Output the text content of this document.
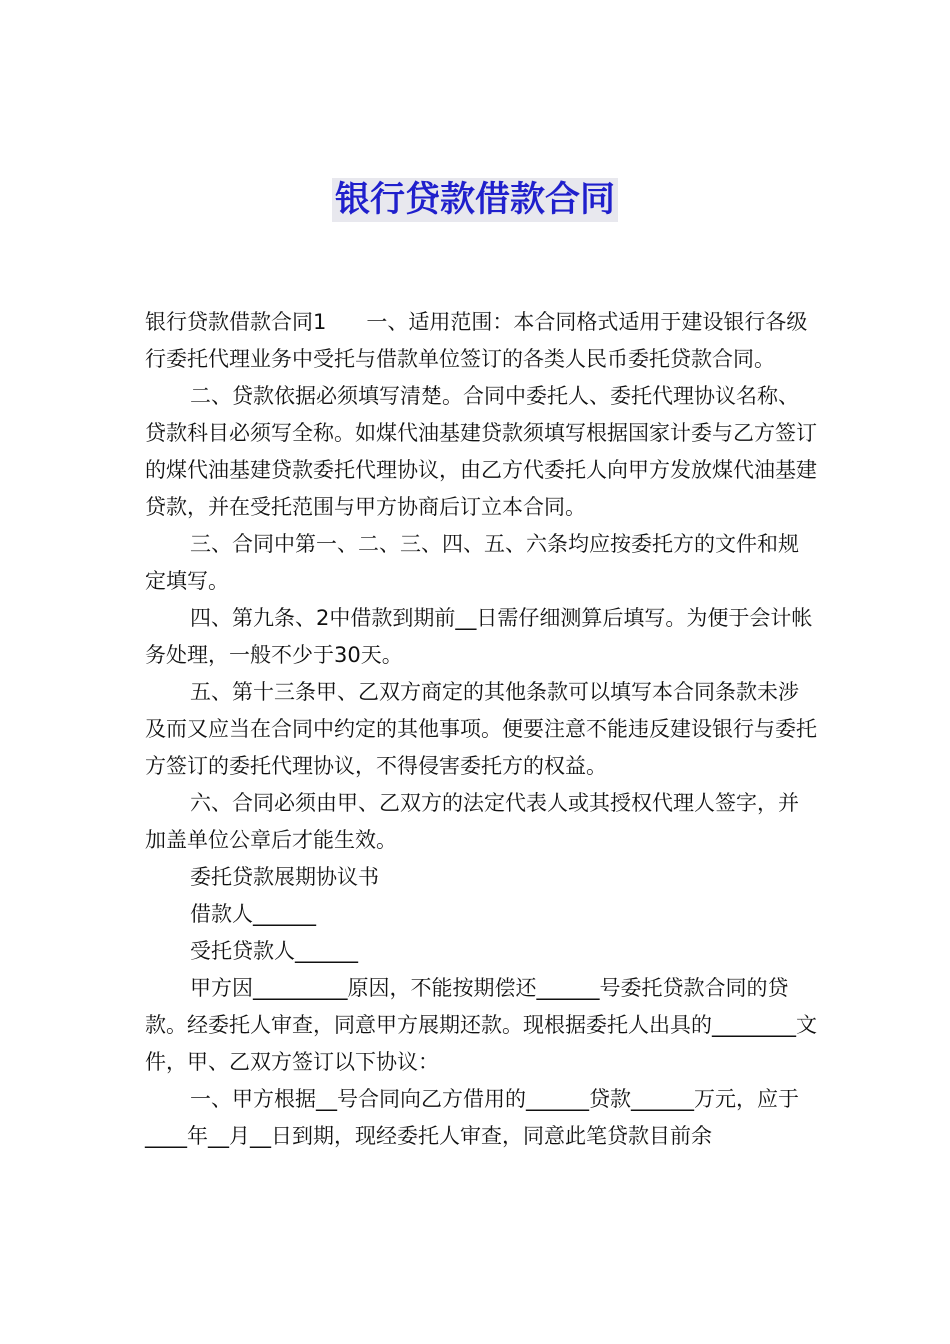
银行贷款借款合同

银行贷款借款合同1 一、适用范围：本合同格式适用于建设银行各级行委托代理业务中受托与借款单位签订的各类人民币委托贷款合同。

二、贷款依据必须填写清楚。合同中委托人、委托代理协议名称、贷款科目必须写全称。如煤代油基建贷款须填写根据国家计委与乙方签订的煤代油基建贷款委托代理协议，由乙方代委托人向甲方发放煤代油基建贷款，并在受托范围与甲方协商后订立本合同。

三、合同中第一、二、三、四、五、六条均应按委托方的文件和规定填写。

四、第九条、2中借款到期前__日需仔细测算后填写。为便于会计帐务处理，一般不少于30天。

五、第十三条甲、乙双方商定的其他条款可以填写本合同条款未涉及而又应当在合同中约定的其他事项。便要注意不能违反建设银行与委托方签订的委托代理协议，不得侵害委托方的权益。

六、合同必须由甲、乙双方的法定代表人或其授权代理人签字，并加盖单位公章后才能生效。

委托贷款展期协议书

借款人______

受托贷款人______

甲方因_________原因，不能按期偿还______号委托贷款合同的贷款。经委托人审查，同意甲方展期还款。现根据委托人出具的________文件，甲、乙双方签订以下协议：

一、甲方根据__号合同向乙方借用的______贷款______万元，应于____年__月__日到期，现经委托人审查，同意此笔贷款目前余
